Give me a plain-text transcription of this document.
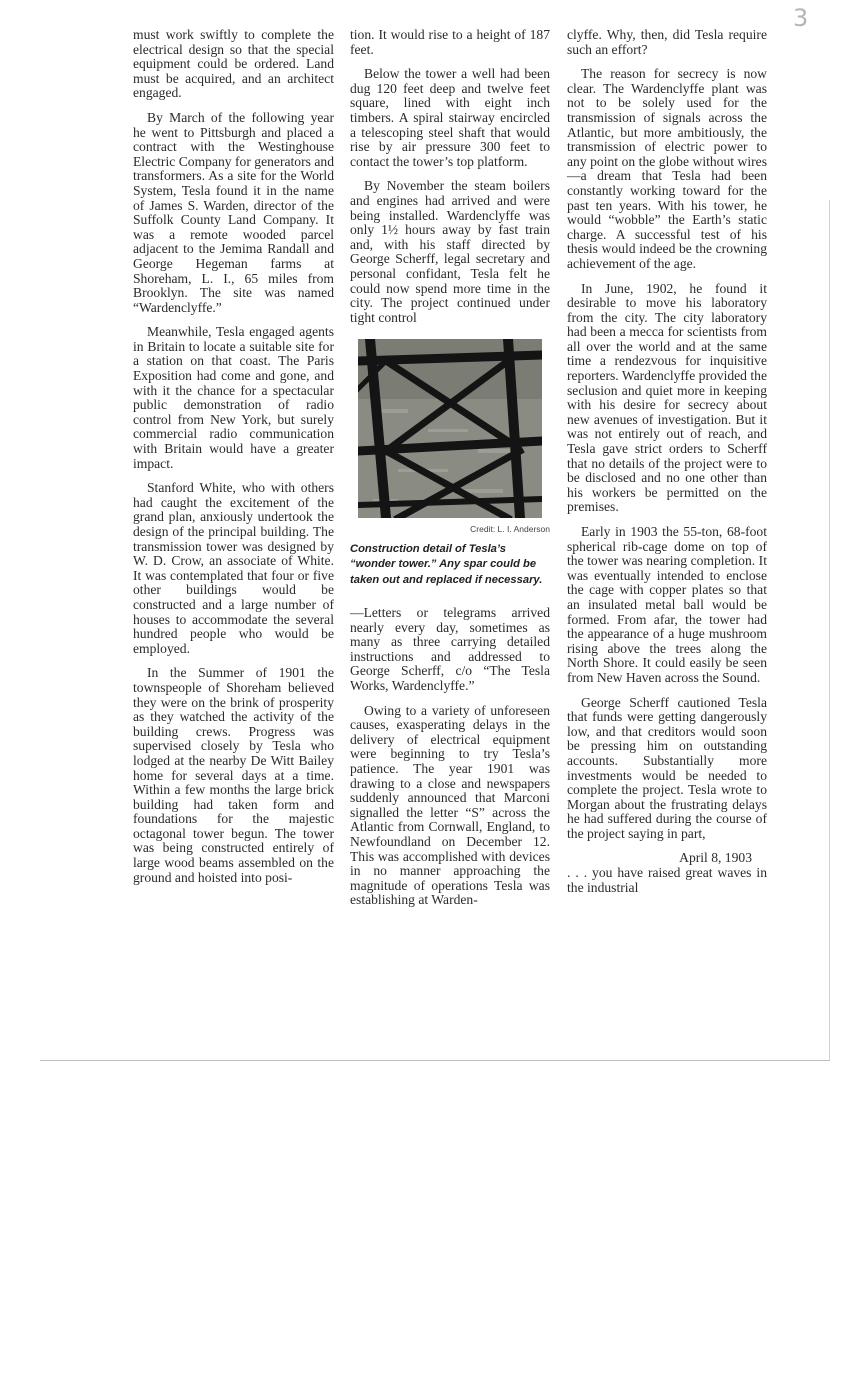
3

must work swiftly to complete the electrical design so that the special equipment could be ordered. Land must be acquired, and an architect engaged.

By March of the following year he went to Pittsburgh and placed a contract with the Westinghouse Electric Company for generators and transformers. As a site for the World System, Tesla found it in the name of James S. Warden, director of the Suffolk County Land Company. It was a remote wooded parcel adjacent to the Jemima Randall and George Hegeman farms at Shoreham, L. I., 65 miles from Brooklyn. The site was named “Wardenclyffe.”

Meanwhile, Tesla engaged agents in Britain to locate a suitable site for a station on that coast. The Paris Exposition had come and gone, and with it the chance for a spectacular public demonstration of radio control from New York, but surely commercial radio communication with Britain would have a greater impact.

Stanford White, who with others had caught the excitement of the grand plan, anxiously undertook the design of the principal building. The transmission tower was designed by W. D. Crow, an associate of White. It was contemplated that four or five other buildings would be constructed and a large number of houses to accommodate the several hundred people who would be employed.

In the Summer of 1901 the townspeople of Shoreham believed they were on the brink of prosperity as they watched the activity of the building crews. Progress was supervised closely by Tesla who lodged at the nearby De Witt Bailey home for several days at a time. Within a few months the large brick building had taken form and foundations for the majestic octagonal tower begun. The tower was being constructed entirely of large wood beams assembled on the ground and hoisted into posi-

tion. It would rise to a height of 187 feet.

Below the tower a well had been dug 120 feet deep and twelve feet square, lined with eight inch timbers. A spiral stairway encircled a telescoping steel shaft that would rise by air pressure 300 feet to contact the tower’s top platform.

By November the steam boilers and engines had arrived and were being installed. Wardenclyffe was only 1½ hours away by fast train and, with his staff directed by George Scherff, legal secretary and personal confidant, Tesla felt he could now spend more time in the city. The project continued under tight control

Credit: L. I. Anderson
Construction detail of Tesla’s “wonder tower.” Any spar could be taken out and replaced if necessary.

—Letters or telegrams arrived nearly every day, sometimes as many as three carrying detailed instructions and addressed to George Scherff, c/o “The Tesla Works, Wardenclyffe.”

Owing to a variety of unforeseen causes, exasperating delays in the delivery of electrical equipment were beginning to try Tesla’s patience. The year 1901 was drawing to a close and newspapers suddenly announced that Marconi signalled the letter “S” across the Atlantic from Cornwall, England, to Newfoundland on December 12. This was accomplished with devices in no manner approaching the magnitude of operations Tesla was establishing at Warden-

clyffe. Why, then, did Tesla require such an effort?

The reason for secrecy is now clear. The Wardenclyffe plant was not to be solely used for the transmission of signals across the Atlantic, but more ambitiously, the transmission of electric power to any point on the globe without wires—a dream that Tesla had been constantly working toward for the past ten years. With his tower, he would “wobble” the Earth’s static charge. A successful test of his thesis would indeed be the crowning achievement of the age.

In June, 1902, he found it desirable to move his laboratory from the city. The city laboratory had been a mecca for scientists from all over the world and at the same time a rendezvous for inquisitive reporters. Wardenclyffe provided the seclusion and quiet more in keeping with his desire for secrecy about new avenues of investigation. But it was not entirely out of reach, and Tesla gave strict orders to Scherff that no details of the project were to be disclosed and no one other than his workers be permitted on the premises.

Early in 1903 the 55-ton, 68-foot spherical rib-cage dome on top of the tower was nearing completion. It was eventually intended to enclose the cage with copper plates so that an insulated metal ball would be formed. From afar, the tower had the appearance of a huge mushroom rising above the trees along the North Shore. It could easily be seen from New Haven across the Sound.

George Scherff cautioned Tesla that funds were getting dangerously low, and that creditors would soon be pressing him on outstanding accounts. Substantially more investments would be needed to complete the project. Tesla wrote to Morgan about the frustrating delays he had suffered during the course of the project saying in part,

April 8, 1903

. . . you have raised great waves in the industrial
